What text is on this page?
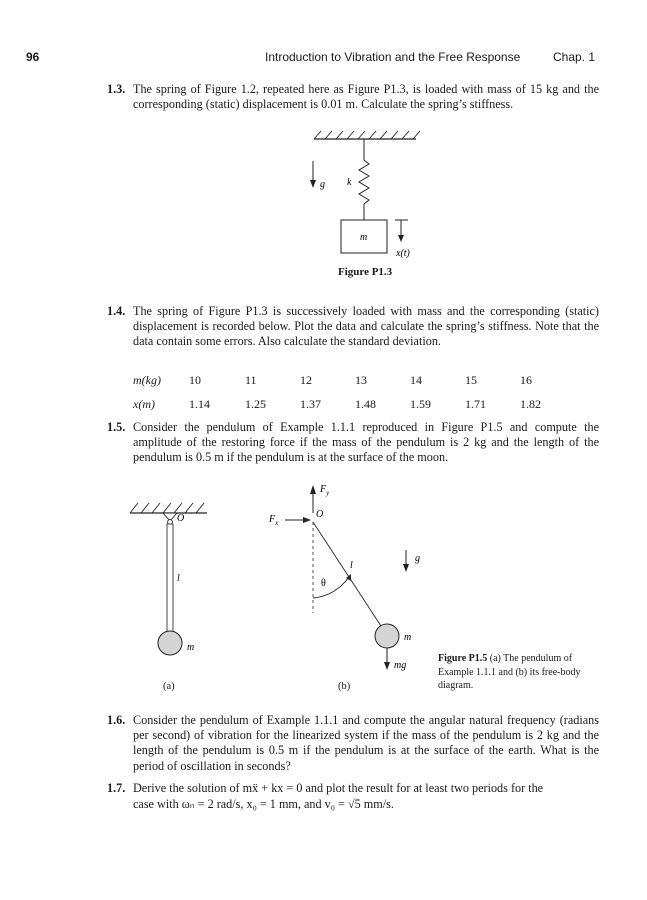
96	Introduction to Vibration and the Free Response	Chap. 1
1.3. The spring of Figure 1.2, repeated here as Figure P1.3, is loaded with mass of 15 kg and the corresponding (static) displacement is 0.01 m. Calculate the spring’s stiffness.
m
g k
x(t)
Figure P1.3
1.4. The spring of Figure P1.3 is successively loaded with mass and the corresponding (static) displacement is recorded below. Plot the data and calculate the spring’s stiffness. Note that the data contain some errors. Also calculate the standard deviation.
m(kg) 10	11	12	13	14	15	16
x(m)	1.14	1.25	1.37	1.48	1.59	1.71	1.82
1.5. Consider the pendulum of Example 1.1.1 reproduced in Figure P1.5 and compute the amplitude of the restoring force if the mass of the pendulum is 2 kg and the length of the pendulum is 0.5 m if the pendulum is at the surface of the moon.
O
l
m
(a)
$F_y$
$F_x$
O
l
θ
g
m
mg
(b)
Figure P1.5 (a) The pendulum of Example 1.1.1 and (b) its free-body diagram.
1.6. Consider the pendulum of Example 1.1.1 and compute the angular natural frequency (radians per second) of vibration for the linearized system if the mass of the pendulum is 2 kg and the length of the pendulum is 0.5 m if the pendulum is at the surface of the earth. What is the period of oscillation in seconds?
1.7. Derive the solution of mẍ + kx = 0 and plot the result for at least two periods for the
case with ωₙ = 2 rad/s, x₀ = 1 mm, and v₀ = √5 mm/s.
